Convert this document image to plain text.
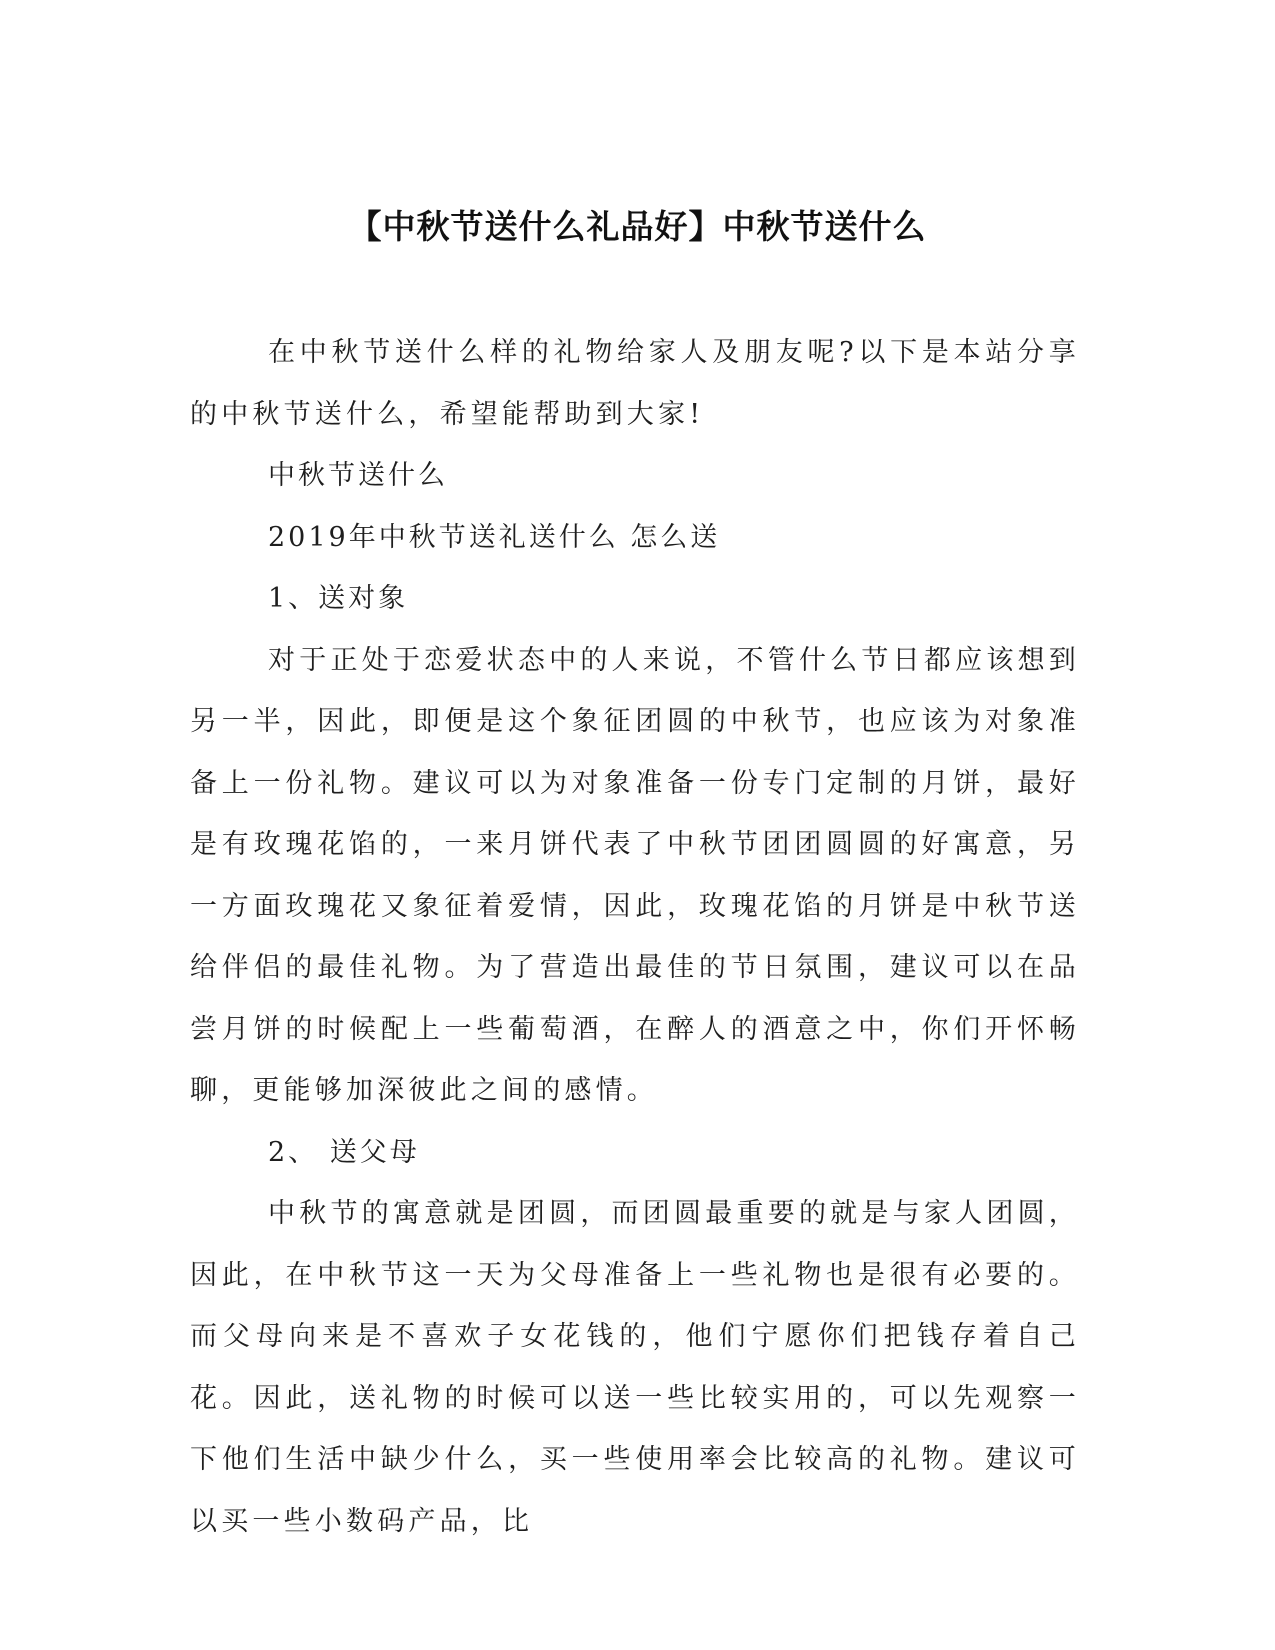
【中秋节送什么礼品好】中秋节送什么

在中秋节送什么样的礼物给家人及朋友呢?以下是本站分享的中秋节送什么，希望能帮助到大家!

中秋节送什么

2019年中秋节送礼送什么 怎么送

1、送对象

对于正处于恋爱状态中的人来说，不管什么节日都应该想到另一半，因此，即便是这个象征团圆的中秋节，也应该为对象准备上一份礼物。建议可以为对象准备一份专门定制的月饼，最好是有玫瑰花馅的，一来月饼代表了中秋节团团圆圆的好寓意，另一方面玫瑰花又象征着爱情，因此，玫瑰花馅的月饼是中秋节送给伴侣的最佳礼物。为了营造出最佳的节日氛围，建议可以在品尝月饼的时候配上一些葡萄酒，在醉人的酒意之中，你们开怀畅聊，更能够加深彼此之间的感情。

2、 送父母

中秋节的寓意就是团圆，而团圆最重要的就是与家人团圆，因此，在中秋节这一天为父母准备上一些礼物也是很有必要的。而父母向来是不喜欢子女花钱的，他们宁愿你们把钱存着自己花。因此，送礼物的时候可以送一些比较实用的，可以先观察一下他们生活中缺少什么，买一些使用率会比较高的礼物。建议可以买一些小数码产品，比
